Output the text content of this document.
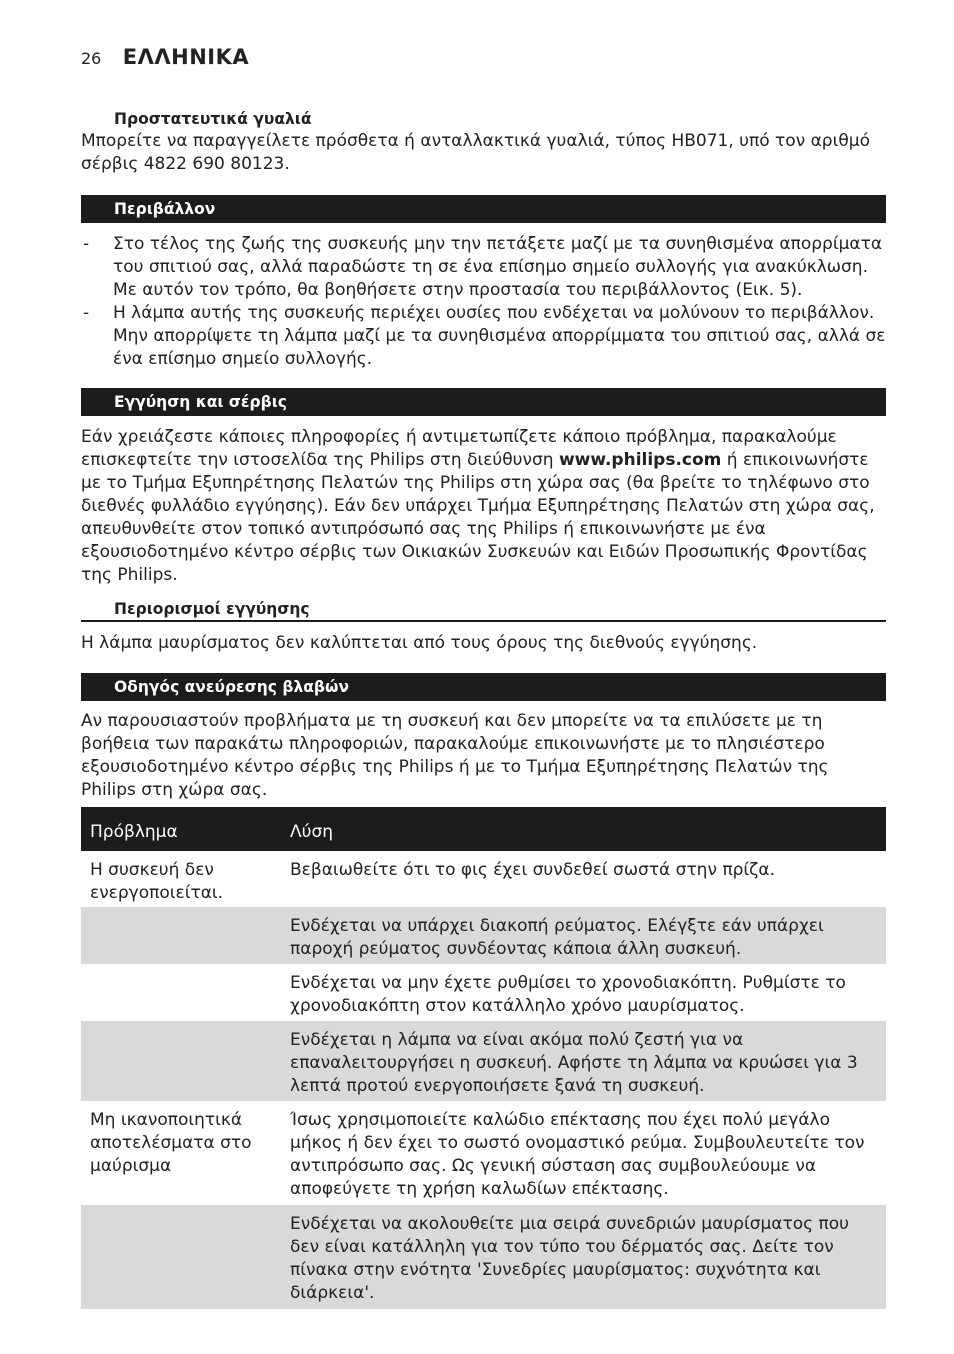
26 ΕΛΛΗΝΙΚΑ
Προστατευτικά γυαλιά

Μπορείτε να παραγγείλετε πρόσθετα ή ανταλλακτικά γυαλιά, τύπος HB071, υπό τον αριθμό σέρβις 4822 690 80123.

Περιβάλλον
- Στο τέλος της ζωής της συσκευής μην την πετάξετε μαζί με τα συνηθισμένα απορρίματα του σπιτιού σας, αλλά παραδώστε τη σε ένα επίσημο σημείο συλλογής για ανακύκλωση. Με αυτόν τον τρόπο, θα βοηθήσετε στην προστασία του περιβάλλοντος (Εικ. 5).
- Η λάμπα αυτής της συσκευής περιέχει ουσίες που ενδέχεται να μολύνουν το περιβάλλον. Μην απορρίψετε τη λάμπα μαζί με τα συνηθισμένα απορρίμματα του σπιτιού σας, αλλά σε ένα επίσημο σημείο συλλογής.
Εγγύηση και σέρβις

Εάν χρειάζεστε κάποιες πληροφορίες ή αντιμετωπίζετε κάποιο πρόβλημα, παρακαλούμε επισκεφτείτε την ιστοσελίδα της Philips στη διεύθυνση www.philips.com ή επικοινωνήστε με το Τμήμα Εξυπηρέτησης Πελατών της Philips στη χώρα σας (θα βρείτε το τηλέφωνο στο διεθνές φυλλάδιο εγγύησης). Εάν δεν υπάρχει Τμήμα Εξυπηρέτησης Πελατών στη χώρα σας, απευθυνθείτε στον τοπικό αντιπρόσωπό σας της Philips ή επικοινωνήστε με ένα εξουσιοδοτημένο κέντρο σέρβις των Οικιακών Συσκευών και Ειδών Προσωπικής Φροντίδας της Philips.

Περιορισμοί εγγύησης

Η λάμπα μαυρίσματος δεν καλύπτεται από τους όρους της διεθνούς εγγύησης.

Οδηγός ανεύρεσης βλαβών

Αν παρουσιαστούν προβλήματα με τη συσκευή και δεν μπορείτε να τα επιλύσετε με τη βοήθεια των παρακάτω πληροφοριών, παρακαλούμε επικοινωνήστε με το πλησιέστερο εξουσιοδοτημένο κέντρο σέρβις της Philips ή με το Τμήμα Εξυπηρέτησης Πελατών της Philips στη χώρα σας.

Πρόβλημα	Λύση
Η συσκευή δεν ενεργοποιείται.
Βεβαιωθείτε ότι το φις έχει συνδεθεί σωστά στην πρίζα.
Ενδέχεται να υπάρχει διακοπή ρεύματος. Ελέγξτε εάν υπάρχει παροχή ρεύματος συνδέοντας κάποια άλλη συσκευή.
Ενδέχεται να μην έχετε ρυθμίσει το χρονοδιακόπτη. Ρυθμίστε το χρονοδιακόπτη στον κατάλληλο χρόνο μαυρίσματος.
Ενδέχεται η λάμπα να είναι ακόμα πολύ ζεστή για να επαναλειτουργήσει η συσκευή. Αφήστε τη λάμπα να κρυώσει για 3 λεπτά προτού ενεργοποιήσετε ξανά τη συσκευή.
Μη ικανοποιητικά αποτελέσματα στο μαύρισμα
Ίσως χρησιμοποιείτε καλώδιο επέκτασης που έχει πολύ μεγάλο μήκος ή δεν έχει το σωστό ονομαστικό ρεύμα. Συμβουλευτείτε τον αντιπρόσωπο σας. Ως γενική σύσταση σας συμβουλεύουμε να αποφεύγετε τη χρήση καλωδίων επέκτασης.
Ενδέχεται να ακολουθείτε μια σειρά συνεδριών μαυρίσματος που δεν είναι κατάλληλη για τον τύπο του δέρματός σας. Δείτε τον πίνακα στην ενότητα 'Συνεδρίες μαυρίσματος: συχνότητα και διάρκεια'.
